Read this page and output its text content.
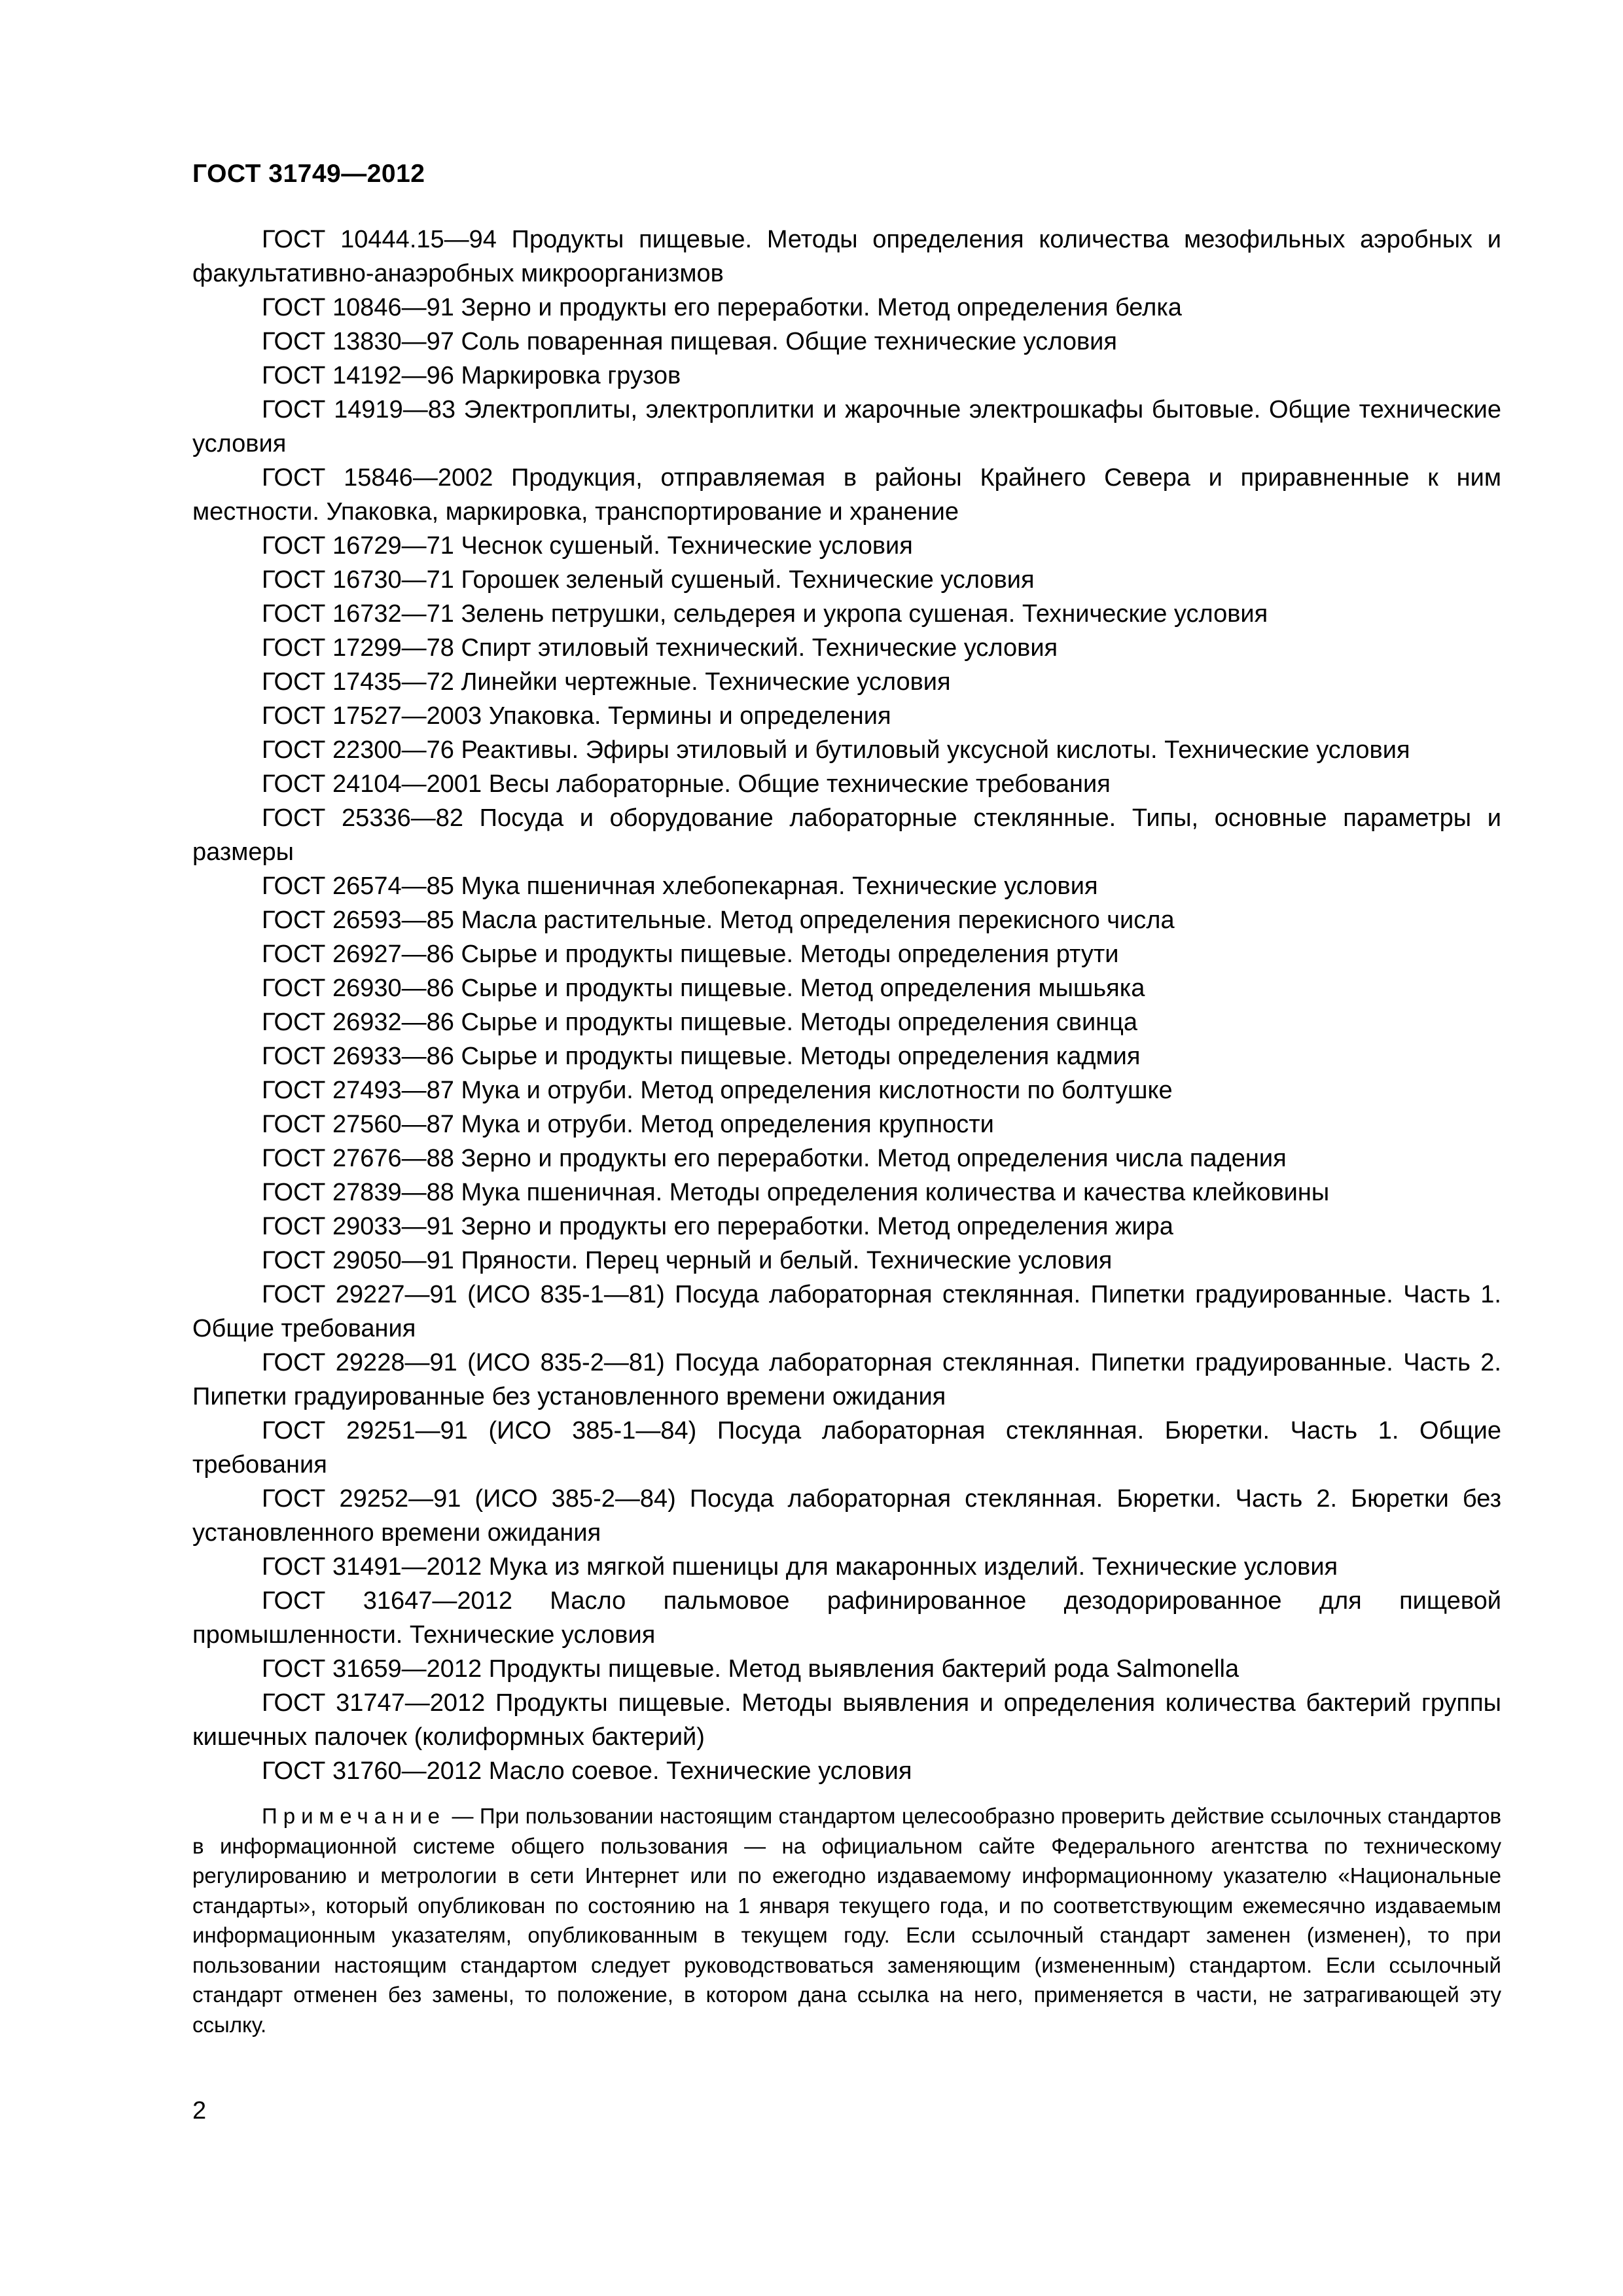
ГОСТ 31749—2012

ГОСТ 10444.15—94 Продукты пищевые. Методы определения количества мезофильных аэробных и факультативно-анаэробных микроорганизмов

ГОСТ 10846—91 Зерно и продукты его переработки. Метод определения белка

ГОСТ 13830—97 Соль поваренная пищевая. Общие технические условия

ГОСТ 14192—96 Маркировка грузов

ГОСТ 14919—83 Электроплиты, электроплитки и жарочные электрошкафы бытовые. Общие технические условия

ГОСТ 15846—2002 Продукция, отправляемая в районы Крайнего Севера и приравненные к ним местности. Упаковка, маркировка, транспортирование и хранение

ГОСТ 16729—71 Чеснок сушеный. Технические условия

ГОСТ 16730—71 Горошек зеленый сушеный. Технические условия

ГОСТ 16732—71 Зелень петрушки, сельдерея и укропа сушеная. Технические условия

ГОСТ 17299—78 Спирт этиловый технический. Технические условия

ГОСТ 17435—72 Линейки чертежные. Технические условия

ГОСТ 17527—2003 Упаковка. Термины и определения

ГОСТ 22300—76 Реактивы. Эфиры этиловый и бутиловый уксусной кислоты. Технические условия

ГОСТ 24104—2001 Весы лабораторные. Общие технические требования

ГОСТ 25336—82 Посуда и оборудование лабораторные стеклянные. Типы, основные параметры и размеры

ГОСТ 26574—85 Мука пшеничная хлебопекарная. Технические условия

ГОСТ 26593—85 Масла растительные. Метод определения перекисного числа

ГОСТ 26927—86 Сырье и продукты пищевые. Методы определения ртути

ГОСТ 26930—86 Сырье и продукты пищевые. Метод определения мышьяка

ГОСТ 26932—86 Сырье и продукты пищевые. Методы определения свинца

ГОСТ 26933—86 Сырье и продукты пищевые. Методы определения кадмия

ГОСТ 27493—87 Мука и отруби. Метод определения кислотности по болтушке

ГОСТ 27560—87 Мука и отруби. Метод определения крупности

ГОСТ 27676—88 Зерно и продукты его переработки. Метод определения числа падения

ГОСТ 27839—88 Мука пшеничная. Методы определения количества и качества клейковины

ГОСТ 29033—91 Зерно и продукты его переработки. Метод определения жира

ГОСТ 29050—91 Пряности. Перец черный и белый. Технические условия

ГОСТ 29227—91 (ИСО 835-1—81) Посуда лабораторная стеклянная. Пипетки градуированные. Часть 1. Общие требования

ГОСТ 29228—91 (ИСО 835-2—81) Посуда лабораторная стеклянная. Пипетки градуированные. Часть 2. Пипетки градуированные без установленного времени ожидания

ГОСТ 29251—91 (ИСО 385-1—84) Посуда лабораторная стеклянная. Бюретки. Часть 1. Общие требования

ГОСТ 29252—91 (ИСО 385-2—84) Посуда лабораторная стеклянная. Бюретки. Часть 2. Бюретки без установленного времени ожидания

ГОСТ 31491—2012 Мука из мягкой пшеницы для макаронных изделий. Технические условия

ГОСТ 31647—2012 Масло пальмовое рафинированное дезодорированное для пищевой промышленности. Технические условия

ГОСТ 31659—2012 Продукты пищевые. Метод выявления бактерий рода Salmonella

ГОСТ 31747—2012 Продукты пищевые. Методы выявления и определения количества бактерий группы кишечных палочек (колиформных бактерий)

ГОСТ 31760—2012 Масло соевое. Технические условия

Примечание — При пользовании настоящим стандартом целесообразно проверить действие ссылочных стандартов в информационной системе общего пользования — на официальном сайте Федерального агентства по техническому регулированию и метрологии в сети Интернет или по ежегодно издаваемому информационному указателю «Национальные стандарты», который опубликован по состоянию на 1 января текущего года, и по соответствующим ежемесячно издаваемым информационным указателям, опубликованным в текущем году. Если ссылочный стандарт заменен (изменен), то при пользовании настоящим стандартом следует руководствоваться заменяющим (измененным) стандартом. Если ссылочный стандарт отменен без замены, то положение, в котором дана ссылка на него, применяется в части, не затрагивающей эту ссылку.

2
